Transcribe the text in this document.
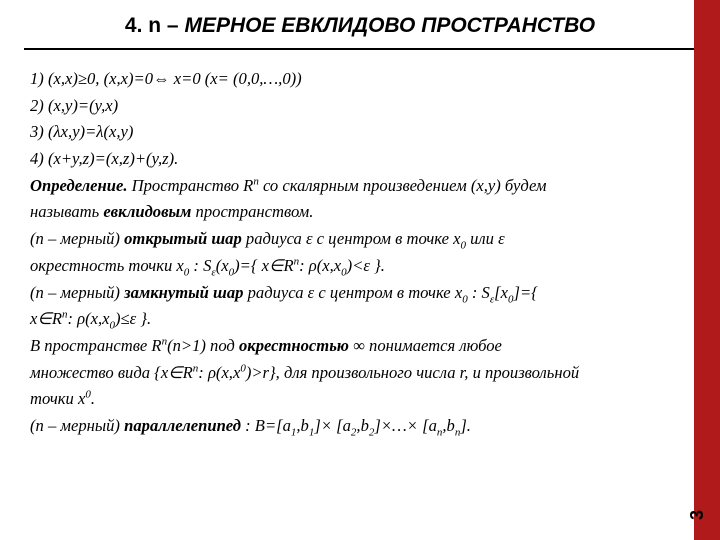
4. n – МЕРНОЕ ЕВКЛИДОВО ПРОСТРАНСТВО
3
1) (x,x)≥0, (x,x)=0⇔ x=0 (x= (0,0,…,0))
2) (x,y)=(y,x)
3) (λx,y)=λ(x,y)
4) (x+y,z)=(x,z)+(y,z).
Определение. Пространство $R^n$ со скалярным произведением (x,y) будем
называть евклидовым пространством.
(n – мерный) открытый шар радиуса ε с центром в точке $x_0$ или ε
окрестность точки $x_0$ : $S_\varepsilon(x_0)=${ $x\in R^n$: $\rho(x,x_0)<\varepsilon$ }.
(n – мерный) замкнутый шар радиуса ε с центром в точке $x_0$ : $S_\varepsilon[x_0]=${
$x\in R^n$: $\rho(x,x_0)\le\varepsilon$ }.
В пространстве $R^n(n>1)$ под окрестностью ∞ понимается любое
множество вида {$x\in R^n$: $\rho(x,x^0)>r$}, для произвольного числа r, и произвольной
точки $x^0$.
(n – мерный) параллелепипед : $B=[a_1,b_1]\times$ $[a_2,b_2]\times\dots\times [a_n,b_n]$.
